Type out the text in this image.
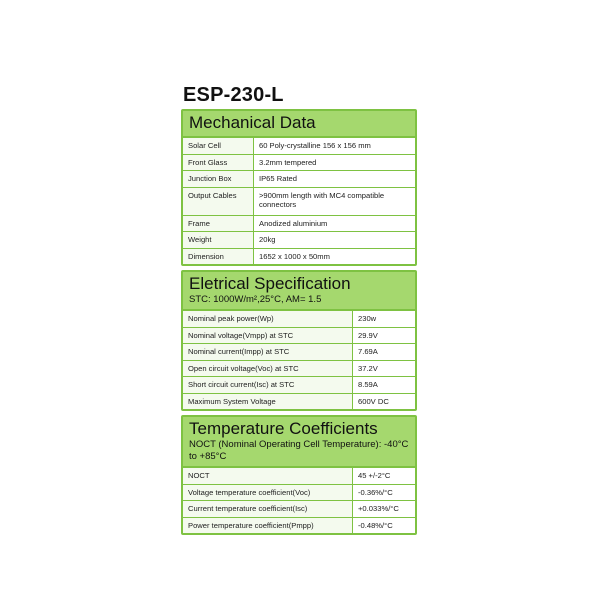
ESP-230-L
Mechanical Data
Solar Cell	60 Poly-crystalline 156 x 156 mm
Front Glass	3.2mm tempered
Junction Box	IP65 Rated
Output Cables	>900mm length with MC4 compatible connectors
Frame	Anodized aluminium
Weight	20kg
Dimension	1652 x 1000 x 50mm
Eletrical Specification
STC: 1000W/m²,25°C, AM= 1.5
Nominal peak power(Wp)	230w
Nominal voltage(Vmpp) at STC	29.9V
Nominal current(Impp) at STC	7.69A
Open circuit voltage(Voc) at STC	37.2V
Short circuit current(Isc) at STC	8.59A
Maximum System Voltage	600V DC
Temperature Coefficients
NOCT (Nominal Operating Cell Temperature): -40°C to +85°C
NOCT	45 +/-2°C
Voltage temperature coefficient(Voc)	-0.36%/°C
Current temperature coefficient(Isc)	+0.033%/°C
Power temperature coefficient(Pmpp)	-0.48%/°C
